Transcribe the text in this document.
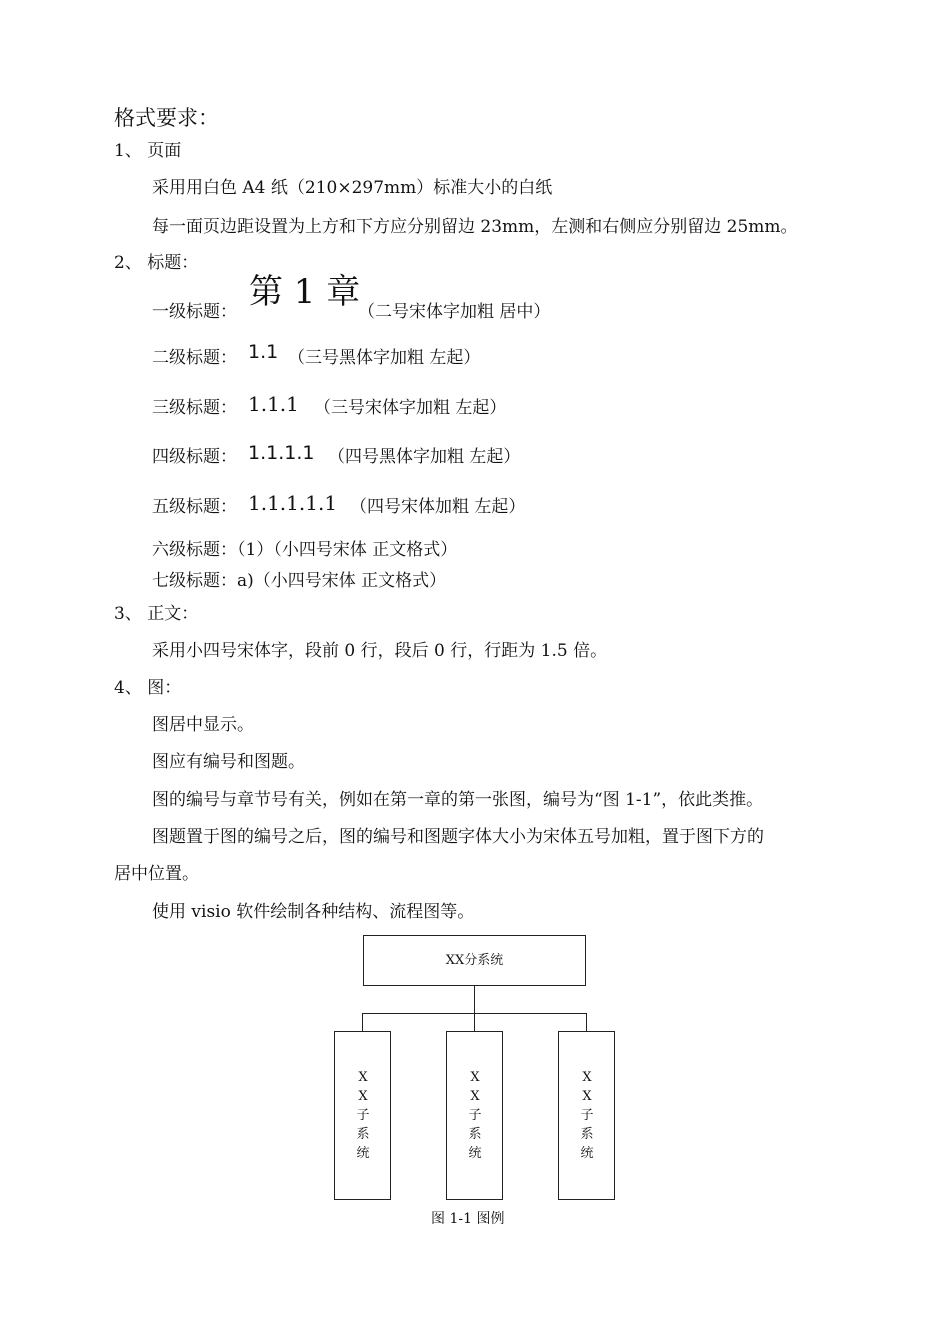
格式要求：
1、 页面
采用用白色 A4 纸（210×297mm）标准大小的白纸
每一面页边距设置为上方和下方应分别留边 23mm，左测和右侧应分别留边 25mm。
2、 标题：
一级标题： 第 1 章
（二号宋体字加粗 居中）
二级标题： 1.1 （三号黑体字加粗 左起）
三级标题： 1.1.1 （三号宋体字加粗 左起）
四级标题： 1.1.1.1 （四号黑体字加粗 左起）
五级标题： 1.1.1.1.1 （四号宋体加粗 左起）
六级标题：（1）（小四号宋体 正文格式）
七级标题：a)（小四号宋体 正文格式）
3、 正文：
采用小四号宋体字，段前 0 行，段后 0 行，行距为 1.5 倍。
4、 图：
图居中显示。
图应有编号和图题。
图的编号与章节号有关，例如在第一章的第一张图，编号为“图 1-1”，依此类推。
图题置于图的编号之后，图的编号和图题字体大小为宋体五号加粗，置于图下方的
居中位置。
使用 visio 软件绘制各种结构、流程图等。
XX分系统
X X 子 系 统
X X 子 系 统
X X 子 系 统
图 1-1 图例
